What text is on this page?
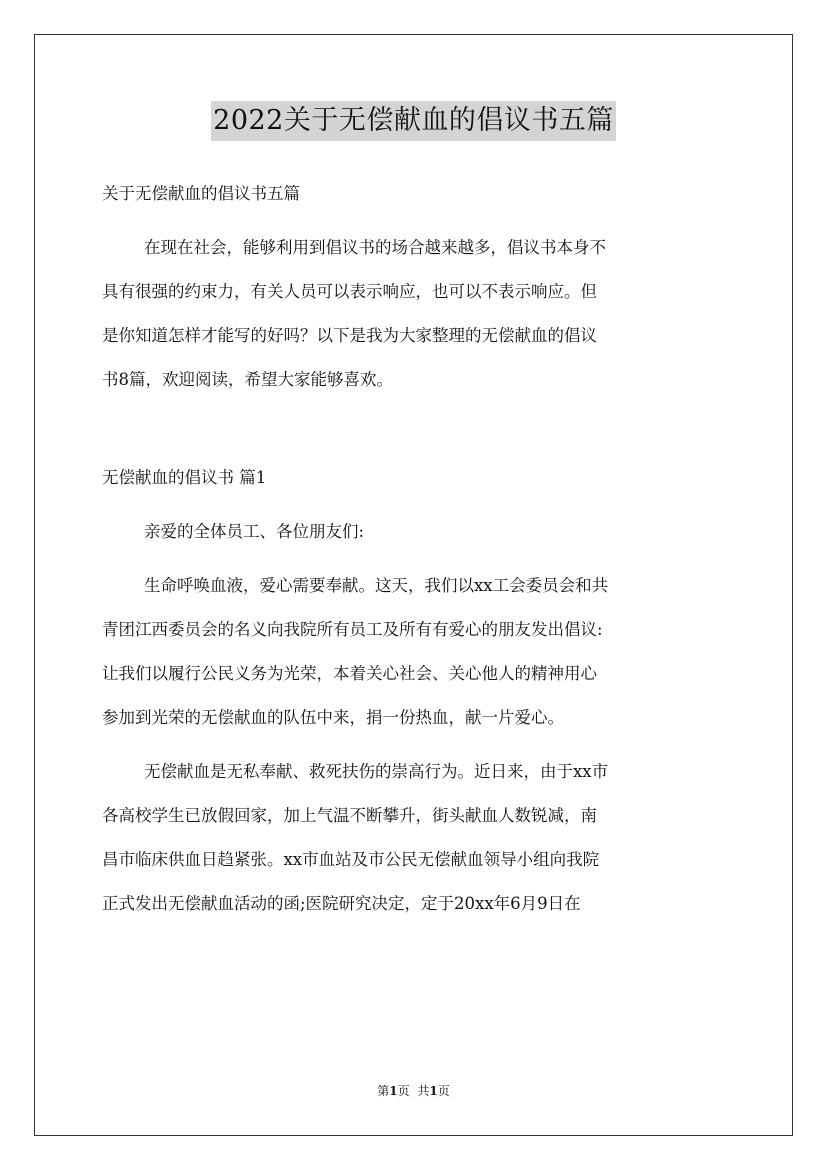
2022关于无偿献血的倡议书五篇
关于无偿献血的倡议书五篇
在现在社会，能够利用到倡议书的场合越来越多，倡议书本身不
具有很强的约束力，有关人员可以表示响应，也可以不表示响应。但
是你知道怎样才能写的好吗？以下是我为大家整理的无偿献血的倡议
书8篇，欢迎阅读，希望大家能够喜欢。
无偿献血的倡议书 篇1
亲爱的全体员工、各位朋友们:
生命呼唤血液，爱心需要奉献。这天，我们以xx工会委员会和共
青团江西委员会的名义向我院所有员工及所有有爱心的朋友发出倡议:
让我们以履行公民义务为光荣，本着关心社会、关心他人的精神用心
参加到光荣的无偿献血的队伍中来，捐一份热血，献一片爱心。
无偿献血是无私奉献、救死扶伤的崇高行为。近日来，由于xx市
各高校学生已放假回家，加上气温不断攀升，街头献血人数锐减，南
昌市临床供血日趋紧张。xx市血站及市公民无偿献血领导小组向我院
正式发出无偿献血活动的函;医院研究决定，定于20xx年6月9日在
第1页 共1页
